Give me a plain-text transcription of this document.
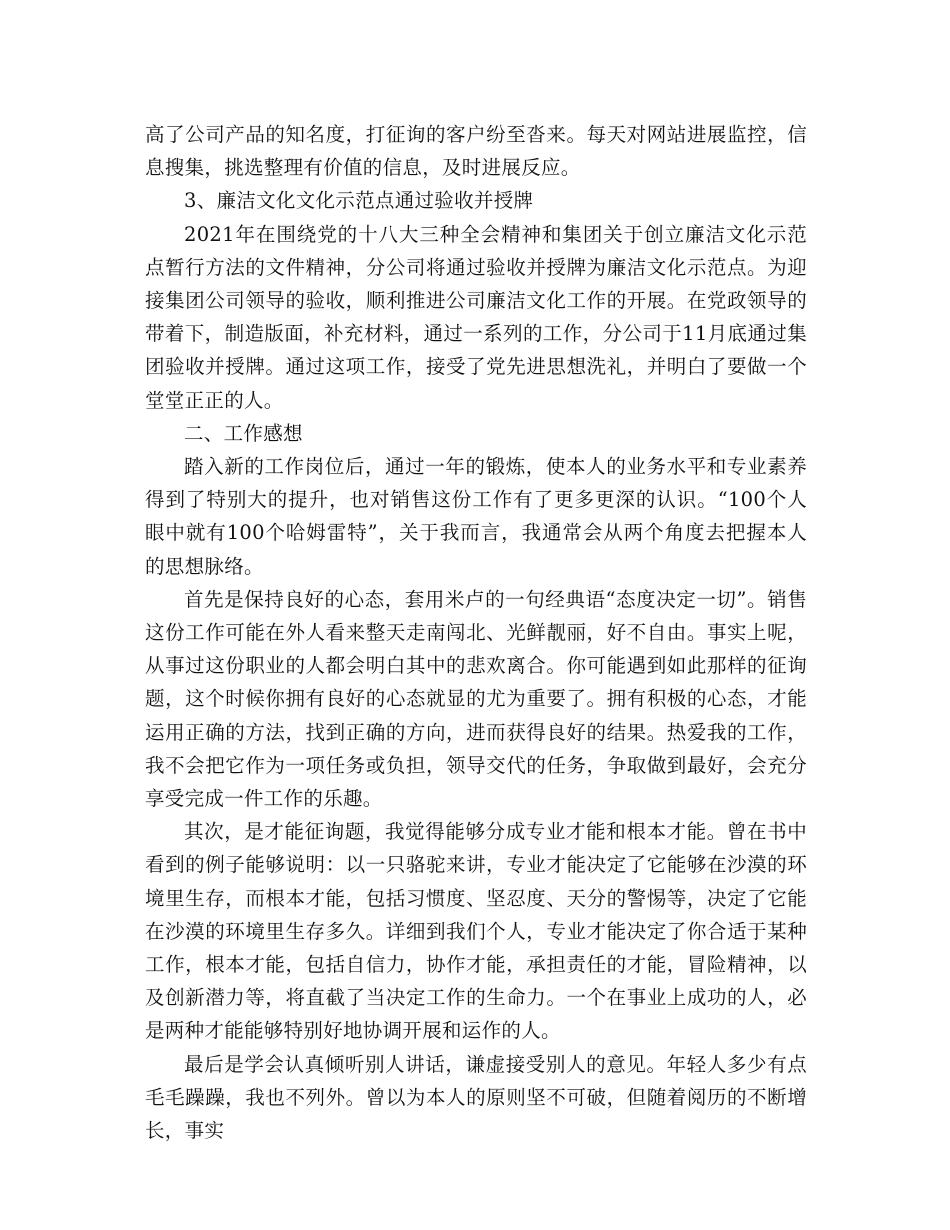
高了公司产品的知名度，打征询的客户纷至沓来。每天对网站进展监控，信息搜集，挑选整理有价值的信息，及时进展反应。

3、廉洁文化文化示范点通过验收并授牌

2021年在围绕党的十八大三种全会精神和集团关于创立廉洁文化示范点暂行方法的文件精神，分公司将通过验收并授牌为廉洁文化示范点。为迎接集团公司领导的验收，顺利推进公司廉洁文化工作的开展。在党政领导的带着下，制造版面，补充材料，通过一系列的工作，分公司于11月底通过集团验收并授牌。通过这项工作，接受了党先进思想洗礼，并明白了要做一个堂堂正正的人。

二、工作感想

踏入新的工作岗位后，通过一年的锻炼，使本人的业务水平和专业素养得到了特别大的提升，也对销售这份工作有了更多更深的认识。“100个人眼中就有100个哈姆雷特”，关于我而言，我通常会从两个角度去把握本人的思想脉络。

首先是保持良好的心态，套用米卢的一句经典语“态度决定一切”。销售这份工作可能在外人看来整天走南闯北、光鲜靓丽，好不自由。事实上呢，从事过这份职业的人都会明白其中的悲欢离合。你可能遇到如此那样的征询题，这个时候你拥有良好的心态就显的尤为重要了。拥有积极的心态，才能运用正确的方法，找到正确的方向，进而获得良好的结果。热爱我的工作，我不会把它作为一项任务或负担，领导交代的任务，争取做到最好，会充分享受完成一件工作的乐趣。

其次，是才能征询题，我觉得能够分成专业才能和根本才能。曾在书中看到的例子能够说明：以一只骆驼来讲，专业才能决定了它能够在沙漠的环境里生存，而根本才能，包括习惯度、坚忍度、天分的警惕等，决定了它能在沙漠的环境里生存多久。详细到我们个人，专业才能决定了你合适于某种工作，根本才能，包括自信力，协作才能，承担责任的才能，冒险精神，以及创新潜力等，将直截了当决定工作的生命力。一个在事业上成功的人，必是两种才能能够特别好地协调开展和运作的人。

最后是学会认真倾听别人讲话，谦虚接受别人的意见。年轻人多少有点毛毛躁躁，我也不列外。曾以为本人的原则坚不可破，但随着阅历的不断增长，事实
